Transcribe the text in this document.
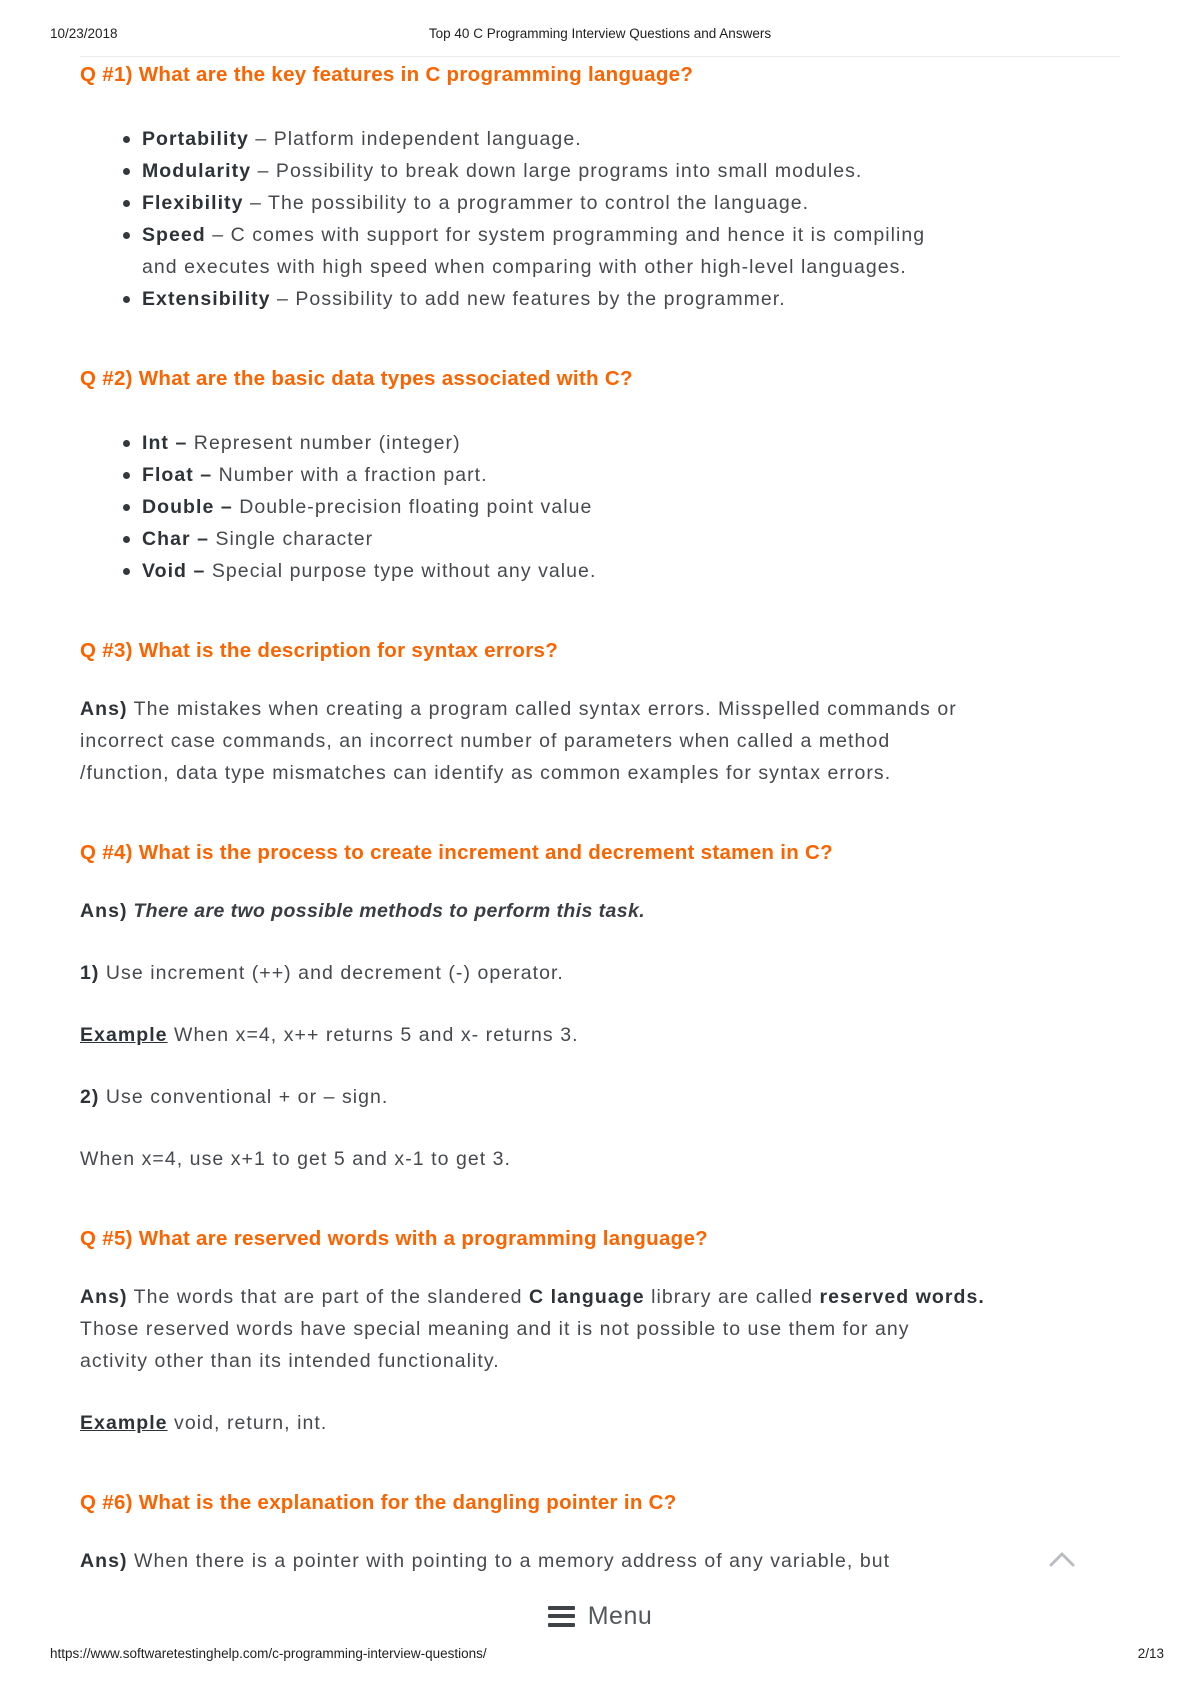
10/23/2018	Top 40 C Programming Interview Questions and Answers
Q #1) What are the key features in C programming language?
Portability – Platform independent language.
Modularity – Possibility to break down large programs into small modules.
Flexibility – The possibility to a programmer to control the language.
Speed – C comes with support for system programming and hence it is compiling
and executes with high speed when comparing with other high-level languages.
Extensibility – Possibility to add new features by the programmer.
Q #2) What are the basic data types associated with C?
Int – Represent number (integer)
Float – Number with a fraction part.
Double – Double-precision floating point value
Char – Single character
Void – Special purpose type without any value.
Q #3) What is the description for syntax errors?

Ans) The mistakes when creating a program called syntax errors. Misspelled commands or
incorrect case commands, an incorrect number of parameters when called a method
/function, data type mismatches can identify as common examples for syntax errors.

Q #4) What is the process to create increment and decrement stamen in C?

Ans) There are two possible methods to perform this task.

1) Use increment (++) and decrement (-) operator.

Example When x=4, x++ returns 5 and x- returns 3.

2) Use conventional + or – sign.

When x=4, use x+1 to get 5 and x-1 to get 3.

Q #5) What are reserved words with a programming language?

Ans) The words that are part of the slandered C language library are called reserved words.
Those reserved words have special meaning and it is not possible to use them for any
activity other than its intended functionality.

Example void, return, int.

Q #6) What is the explanation for the dangling pointer in C?

Ans) When there is a pointer with pointing to a memory address of any variable, but

Menu
https://www.softwaretestinghelp.com/c-programming-interview-questions/	2/13
